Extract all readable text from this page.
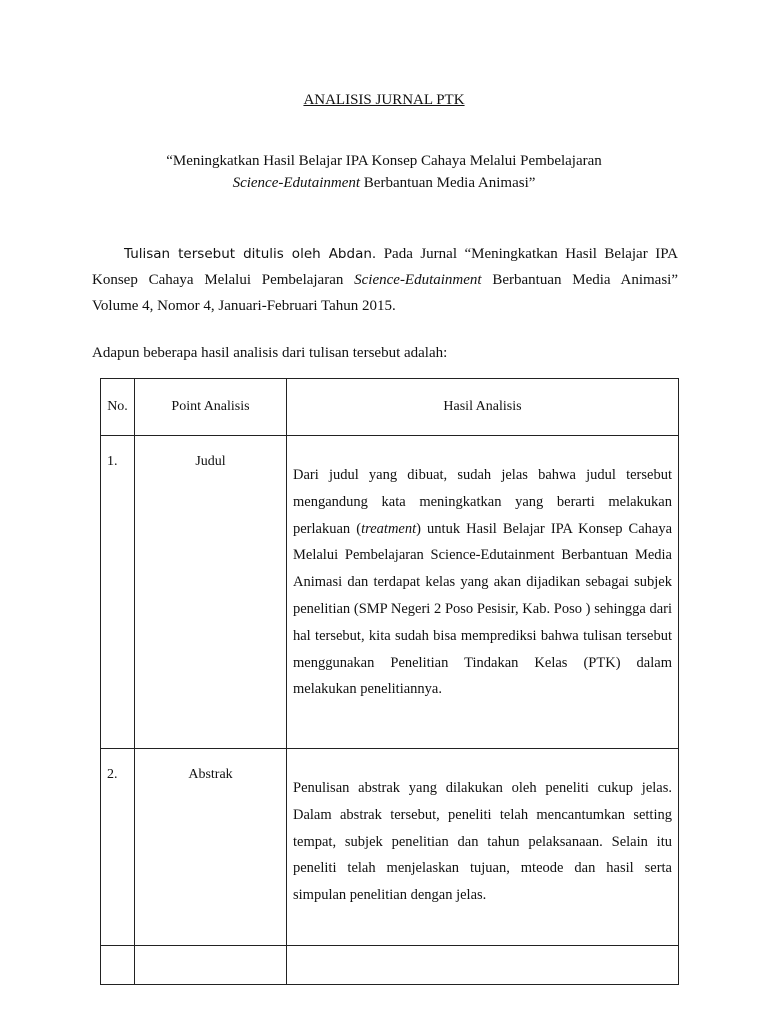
ANALISIS JURNAL PTK
“Meningkatkan Hasil Belajar IPA Konsep Cahaya Melalui Pembelajaran
Science-Edutainment Berbantuan Media Animasi”
Tulisan tersebut ditulis oleh Abdan. Pada Jurnal “Meningkatkan Hasil Belajar IPA Konsep Cahaya Melalui Pembelajaran Science-Edutainment Berbantuan Media Animasi” Volume 4, Nomor 4, Januari-Februari Tahun 2015.
Adapun beberapa hasil analisis dari tulisan tersebut adalah:
No.	Point Analisis	Hasil Analisis
1.	Judul	Dari judul yang dibuat, sudah jelas bahwa judul tersebut mengandung kata meningkatkan yang berarti melakukan perlakuan (treatment) untuk Hasil Belajar IPA Konsep Cahaya Melalui Pembelajaran Science-Edutainment Berbantuan Media Animasi dan terdapat kelas yang akan dijadikan sebagai subjek penelitian (SMP Negeri 2 Poso Pesisir, Kab. Poso ) sehingga dari hal tersebut, kita sudah bisa memprediksi bahwa tulisan tersebut menggunakan Penelitian Tindakan Kelas (PTK) dalam melakukan penelitiannya.
2.	Abstrak	Penulisan abstrak yang dilakukan oleh peneliti cukup jelas. Dalam abstrak tersebut, peneliti telah mencantumkan setting tempat, subjek penelitian dan tahun pelaksanaan. Selain itu peneliti telah menjelaskan tujuan, mteode dan hasil serta simpulan penelitian dengan jelas.
